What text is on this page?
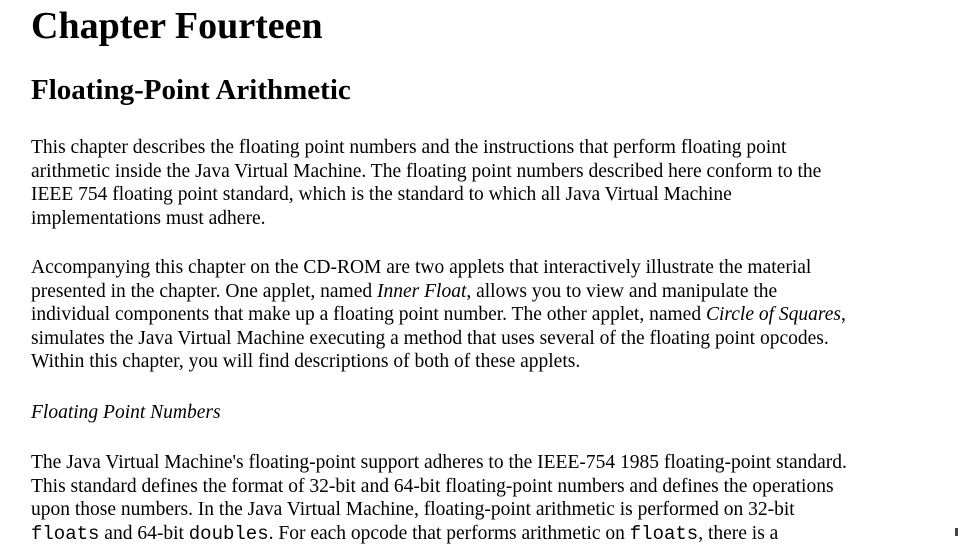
Chapter Fourteen
Floating-Point Arithmetic

This chapter describes the floating point numbers and the instructions that perform floating point
arithmetic inside the Java Virtual Machine. The floating point numbers described here conform to the
IEEE 754 floating point standard, which is the standard to which all Java Virtual Machine
implementations must adhere.

Accompanying this chapter on the CD-ROM are two applets that interactively illustrate the material
presented in the chapter. One applet, named Inner Float, allows you to view and manipulate the
individual components that make up a floating point number. The other applet, named Circle of Squares,
simulates the Java Virtual Machine executing a method that uses several of the floating point opcodes.
Within this chapter, you will find descriptions of both of these applets.

Floating Point Numbers

The Java Virtual Machine's floating-point support adheres to the IEEE-754 1985 floating-point standard.
This standard defines the format of 32-bit and 64-bit floating-point numbers and defines the operations
upon those numbers. In the Java Virtual Machine, floating-point arithmetic is performed on 32-bit
floats and 64-bit doubles. For each opcode that performs arithmetic on floats, there is a
